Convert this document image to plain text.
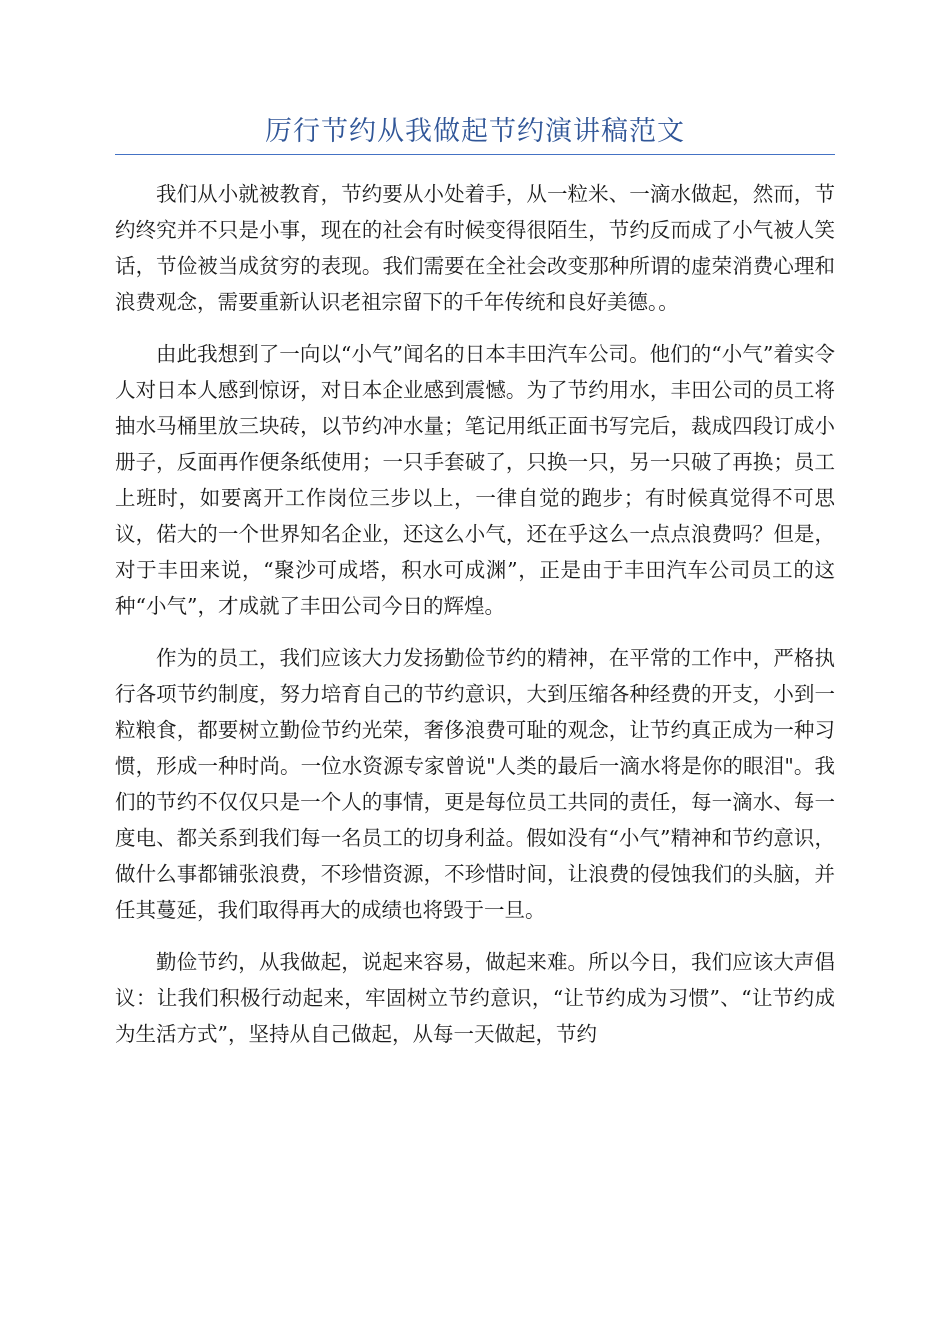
厉行节约从我做起节约演讲稿范文

我们从小就被教育，节约要从小处着手，从一粒米、一滴水做起，然而，节约终究并不只是小事，现在的社会有时候变得很陌生，节约反而成了小气被人笑话，节俭被当成贫穷的表现。我们需要在全社会改变那种所谓的虚荣消费心理和浪费观念，需要重新认识老祖宗留下的千年传统和良好美德。。

由此我想到了一向以“小气”闻名的日本丰田汽车公司。他们的“小气”着实令人对日本人感到惊讶，对日本企业感到震憾。为了节约用水，丰田公司的员工将抽水马桶里放三块砖，以节约冲水量；笔记用纸正面书写完后，裁成四段订成小册子，反面再作便条纸使用；一只手套破了，只换一只，另一只破了再换；员工上班时，如要离开工作岗位三步以上，一律自觉的跑步；有时候真觉得不可思议，偌大的一个世界知名企业，还这么小气，还在乎这么一点点浪费吗？但是，对于丰田来说，“聚沙可成塔，积水可成渊”，正是由于丰田汽车公司员工的这种“小气”，才成就了丰田公司今日的辉煌。

作为的员工，我们应该大力发扬勤俭节约的精神，在平常的工作中，严格执行各项节约制度，努力培育自己的节约意识，大到压缩各种经费的开支，小到一粒粮食，都要树立勤俭节约光荣，奢侈浪费可耻的观念，让节约真正成为一种习惯，形成一种时尚。一位水资源专家曾说"人类的最后一滴水将是你的眼泪"。我们的节约不仅仅只是一个人的事情，更是每位员工共同的责任，每一滴水、每一度电、都关系到我们每一名员工的切身利益。假如没有“小气”精神和节约意识，做什么事都铺张浪费，不珍惜资源，不珍惜时间，让浪费的侵蚀我们的头脑，并任其蔓延，我们取得再大的成绩也将毁于一旦。

勤俭节约，从我做起，说起来容易，做起来难。所以今日，我们应该大声倡议：让我们积极行动起来，牢固树立节约意识，“让节约成为习惯”、“让节约成为生活方式”，坚持从自己做起，从每一天做起，节约
